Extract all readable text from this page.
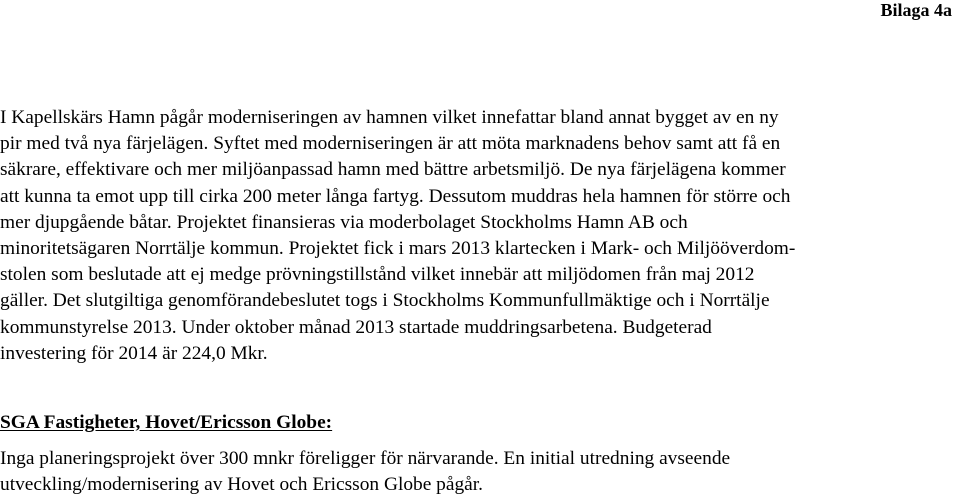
Bilaga 4a
I Kapellskärs Hamn pågår moderniseringen av hamnen vilket innefattar bland annat bygget av en ny
pir med två nya färjelägen. Syftet med moderniseringen är att möta marknadens behov samt att få en
säkrare, effektivare och mer miljöanpassad hamn med bättre arbetsmiljö. De nya färjelägena kommer
att kunna ta emot upp till cirka 200 meter långa fartyg. Dessutom muddras hela hamnen för större och
mer djupgående båtar. Projektet finansieras via moderbolaget Stockholms Hamn AB och
minoritetsägaren Norrtälje kommun. Projektet fick i mars 2013 klartecken i Mark- och Miljööverdom-
stolen som beslutade att ej medge prövningstillstånd vilket innebär att miljödomen från maj 2012
gäller. Det slutgiltiga genomförandebeslutet togs i Stockholms Kommunfullmäktige och i Norrtälje
kommunstyrelse 2013. Under oktober månad 2013 startade muddringsarbetena. Budgeterad
investering för 2014 är 224,0 Mkr.
SGA Fastigheter, Hovet/Ericsson Globe:
Inga planeringsprojekt över 300 mnkr föreligger för närvarande. En initial utredning avseende
utveckling/modernisering av Hovet och Ericsson Globe pågår.
